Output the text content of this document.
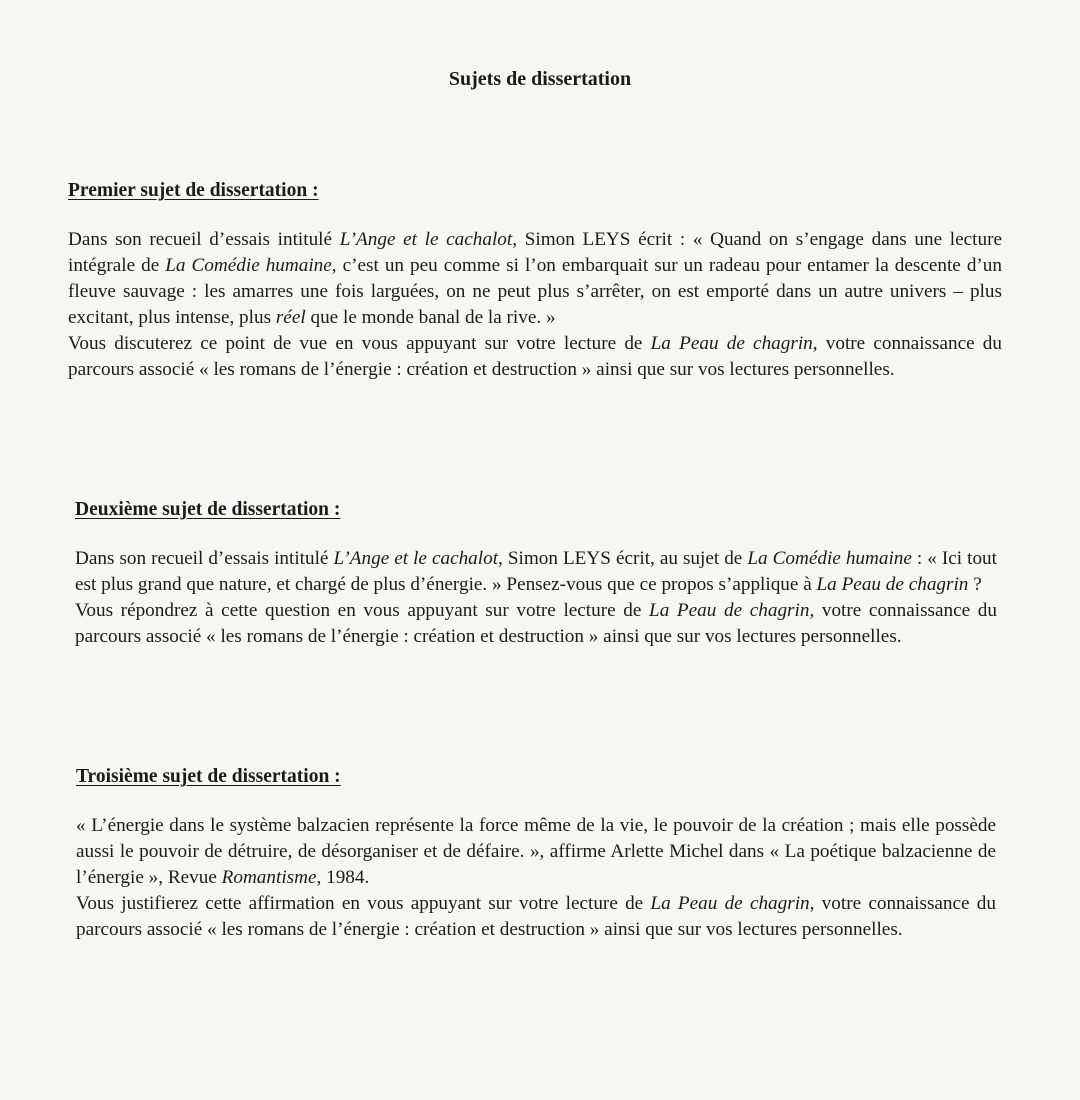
Sujets de dissertation
Premier sujet de dissertation :

Dans son recueil d’essais intitulé L’Ange et le cachalot, Simon LEYS écrit : « Quand on s’engage dans une lecture intégrale de La Comédie humaine, c’est un peu comme si l’on embarquait sur un radeau pour entamer la descente d’un fleuve sauvage : les amarres une fois larguées, on ne peut plus s’arrêter, on est emporté dans un autre univers – plus excitant, plus intense, plus réel que le monde banal de la rive. »

Vous discuterez ce point de vue en vous appuyant sur votre lecture de La Peau de chagrin, votre connaissance du parcours associé « les romans de l’énergie : création et destruction » ainsi que sur vos lectures personnelles.

Deuxième sujet de dissertation :

Dans son recueil d’essais intitulé L’Ange et le cachalot, Simon LEYS écrit, au sujet de La Comédie humaine : « Ici tout est plus grand que nature, et chargé de plus d’énergie. » Pensez-vous que ce propos s’applique à La Peau de chagrin ?

Vous répondrez à cette question en vous appuyant sur votre lecture de La Peau de chagrin, votre connaissance du parcours associé « les romans de l’énergie : création et destruction » ainsi que sur vos lectures personnelles.

Troisième sujet de dissertation :

« L’énergie dans le système balzacien représente la force même de la vie, le pouvoir de la création ; mais elle possède aussi le pouvoir de détruire, de désorganiser et de défaire. », affirme Arlette Michel dans « La poétique balzacienne de l’énergie », Revue Romantisme, 1984.

Vous justifierez cette affirmation en vous appuyant sur votre lecture de La Peau de chagrin, votre connaissance du parcours associé « les romans de l’énergie : création et destruction » ainsi que sur vos lectures personnelles.
